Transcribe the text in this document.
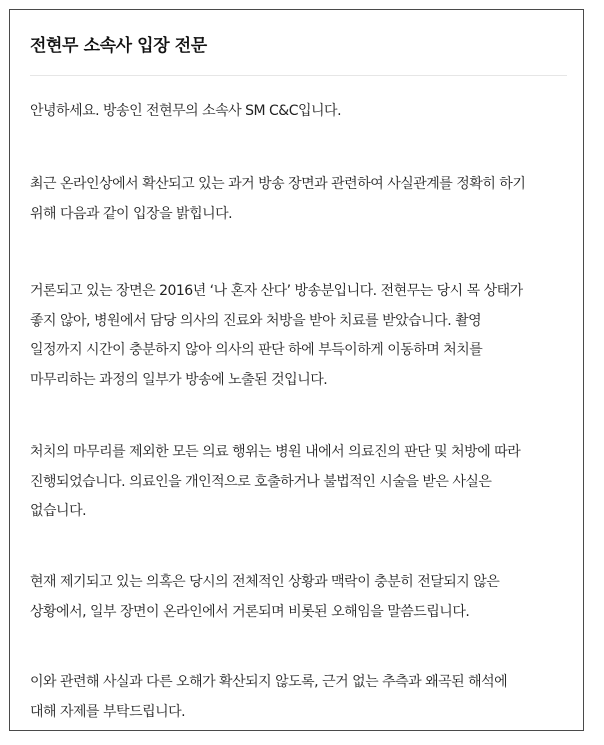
전현무 소속사 입장 전문

안녕하세요. 방송인 전현무의 소속사 SM C&C입니다.

최근 온라인상에서 확산되고 있는 과거 방송 장면과 관련하여 사실관계를 정확히 하기
위해 다음과 같이 입장을 밝힙니다.

거론되고 있는 장면은 2016년 ‘나 혼자 산다’ 방송분입니다. 전현무는 당시 목 상태가
좋지 않아, 병원에서 담당 의사의 진료와 처방을 받아 치료를 받았습니다. 촬영
일정까지 시간이 충분하지 않아 의사의 판단 하에 부득이하게 이동하며 처치를
마무리하는 과정의 일부가 방송에 노출된 것입니다.

처치의 마무리를 제외한 모든 의료 행위는 병원 내에서 의료진의 판단 및 처방에 따라
진행되었습니다. 의료인을 개인적으로 호출하거나 불법적인 시술을 받은 사실은
없습니다.

현재 제기되고 있는 의혹은 당시의 전체적인 상황과 맥락이 충분히 전달되지 않은
상황에서, 일부 장면이 온라인에서 거론되며 비롯된 오해임을 말씀드립니다.

이와 관련해 사실과 다른 오해가 확산되지 않도록, 근거 없는 추측과 왜곡된 해석에
대해 자제를 부탁드립니다.
